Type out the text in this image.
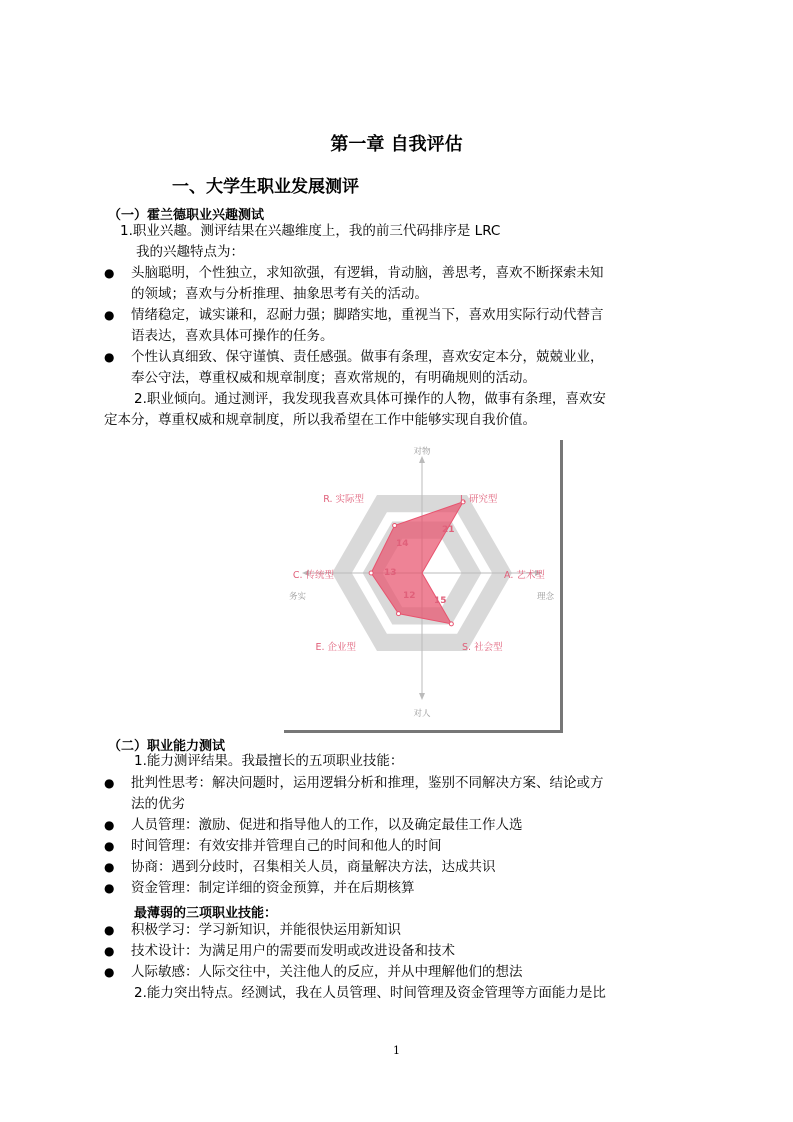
第一章 自我评估
一、大学生职业发展测评
（一）霍兰德职业兴趣测试
1.职业兴趣。测评结果在兴趣维度上，我的前三代码排序是 LRC
我的兴趣特点为：
● 头脑聪明，个性独立，求知欲强，有逻辑，肯动脑，善思考，喜欢不断探索未知
的领域；喜欢与分析推理、抽象思考有关的活动。
● 情绪稳定，诚实谦和，忍耐力强；脚踏实地，重视当下，喜欢用实际行动代替言
语表达，喜欢具体可操作的任务。
● 个性认真细致、保守谨慎、责任感强。做事有条理，喜欢安定本分，兢兢业业，
奉公守法，尊重权威和规章制度；喜欢常规的，有明确规则的活动。
2.职业倾向。通过测评，我发现我喜欢具体可操作的人物，做事有条理，喜欢安
定本分，尊重权威和规章制度，所以我希望在工作中能够实现自我价值。
21
15
12
13
14
I. 研究型
A. 艺术型
S. 社会型
E. 企业型
C. 传统型
R. 实际型
对物
对人
务实	理念
（二）职业能力测试
1.能力测评结果。我最擅长的五项职业技能：
● 批判性思考：解决问题时，运用逻辑分析和推理，鉴别不同解决方案、结论或方
法的优劣
● 人员管理：激励、促进和指导他人的工作，以及确定最佳工作人选
● 时间管理：有效安排并管理自己的时间和他人的时间
● 协商：遇到分歧时，召集相关人员，商量解决方法，达成共识
● 资金管理：制定详细的资金预算，并在后期核算
最薄弱的三项职业技能：
● 积极学习：学习新知识，并能很快运用新知识
● 技术设计：为满足用户的需要而发明或改进设备和技术
● 人际敏感：人际交往中，关注他人的反应，并从中理解他们的想法
2.能力突出特点。经测试，我在人员管理、时间管理及资金管理等方面能力是比
1
